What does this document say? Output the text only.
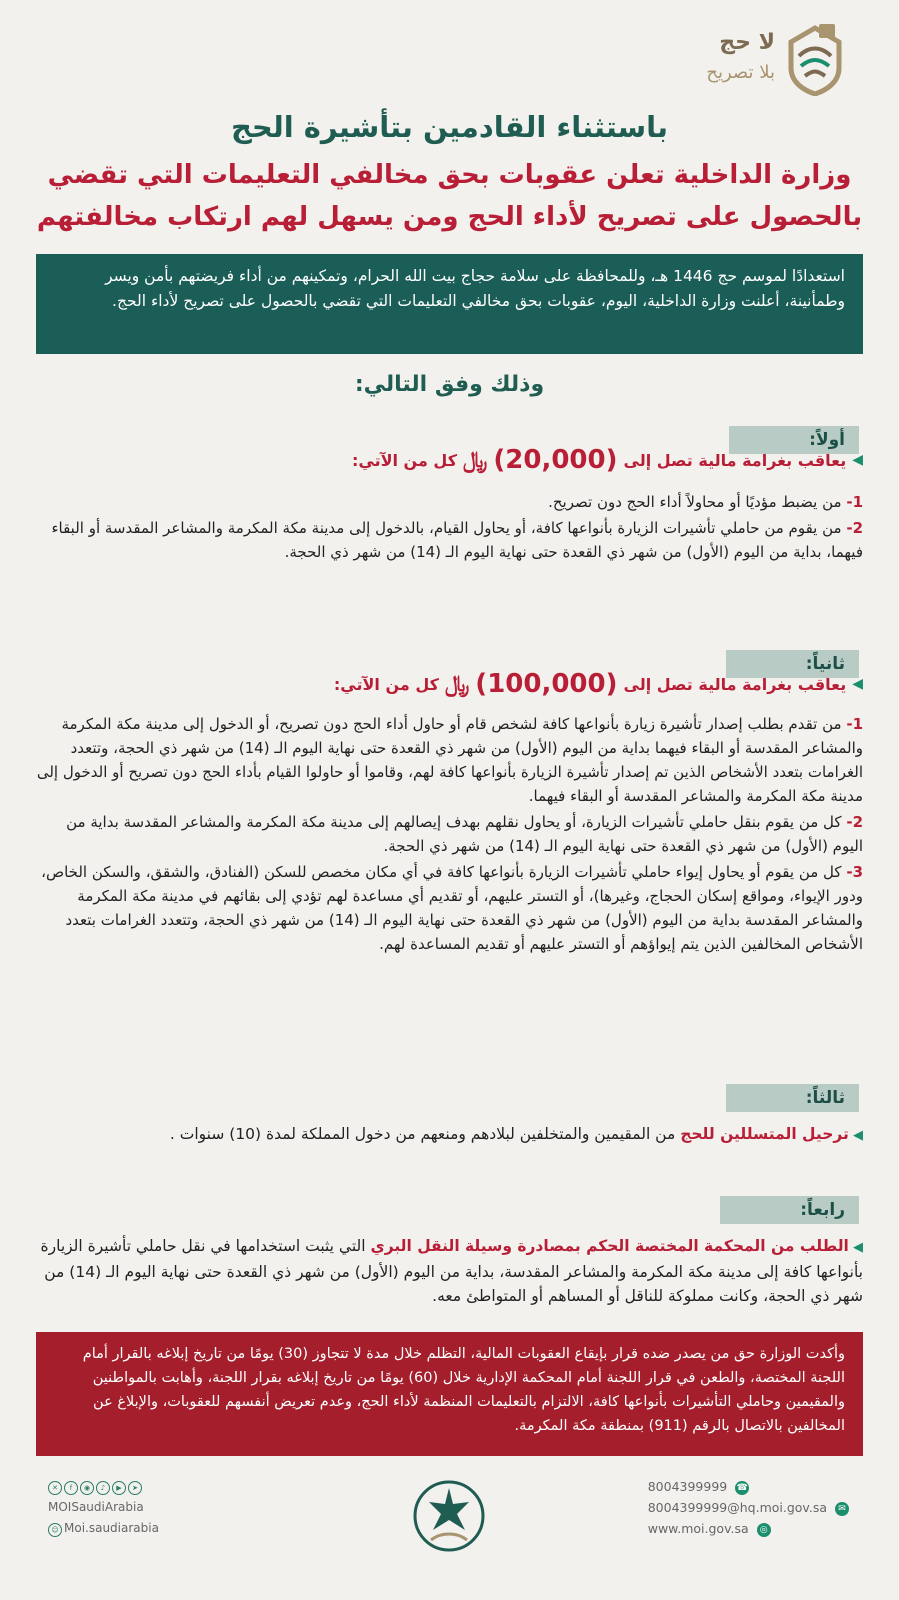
لا حج
بلا تصريح
باستثناء القادمين بتأشيرة الحج
وزارة الداخلية تعلن عقوبات بحق مخالفي التعليمات التي تقضي بالحصول على تصريح لأداء الحج ومن يسهل لهم ارتكاب مخالفتهم
استعدادًا لموسم حج 1446 هـ، وللمحافظة على سلامة حجاج بيت الله الحرام، وتمكينهم من أداء فريضتهم بأمن ويسر وطمأنينة، أعلنت وزارة الداخلية، اليوم، عقوبات بحق مخالفي التعليمات التي تقضي بالحصول على تصريح لأداء الحج.
وذلك وفق التالي:
أولاً:
◀
يعاقب بغرامة مالية تصل إلى
(20,000)
﷼
كل من الآتي:

1- من يضبط مؤديًا أو محاولاً أداء الحج دون تصريح.

2- من يقوم من حاملي تأشيرات الزيارة بأنواعها كافة، أو يحاول القيام، بالدخول إلى مدينة مكة المكرمة والمشاعر المقدسة أو البقاء فيهما، بداية من اليوم (الأول) من شهر ذي القعدة حتى نهاية اليوم الـ (14) من شهر ذي الحجة.

ثانياً:
◀
يعاقب بغرامة مالية تصل إلى
(100,000)
﷼
كل من الآتي:

1- من تقدم بطلب إصدار تأشيرة زيارة بأنواعها كافة لشخص قام أو حاول أداء الحج دون تصريح، أو الدخول إلى مدينة مكة المكرمة والمشاعر المقدسة أو البقاء فيهما بداية من اليوم (الأول) من شهر ذي القعدة حتى نهاية اليوم الـ (14) من شهر ذي الحجة، وتتعدد الغرامات بتعدد الأشخاص الذين تم إصدار تأشيرة الزيارة بأنواعها كافة لهم، وقاموا أو حاولوا القيام بأداء الحج دون تصريح أو الدخول إلى مدينة مكة المكرمة والمشاعر المقدسة أو البقاء فيهما.

2- كل من يقوم بنقل حاملي تأشيرات الزيارة، أو يحاول نقلهم بهدف إيصالهم إلى مدينة مكة المكرمة والمشاعر المقدسة بداية من اليوم (الأول) من شهر ذي القعدة حتى نهاية اليوم الـ (14) من شهر ذي الحجة.

3- كل من يقوم أو يحاول إيواء حاملي تأشيرات الزيارة بأنواعها كافة في أي مكان مخصص للسكن (الفنادق، والشقق، والسكن الخاص، ودور الإيواء، ومواقع إسكان الحجاج، وغيرها)، أو التستر عليهم، أو تقديم أي مساعدة لهم تؤدي إلى بقائهم في مدينة مكة المكرمة والمشاعر المقدسة بداية من اليوم (الأول) من شهر ذي القعدة حتى نهاية اليوم الـ (14) من شهر ذي الحجة، وتتعدد الغرامات بتعدد الأشخاص المخالفين الذين يتم إيواؤهم أو التستر عليهم أو تقديم المساعدة لهم.

ثالثاً:
◀ ترحيل المتسللين للحج من المقيمين والمتخلفين لبلادهم ومنعهم من دخول المملكة لمدة (10) سنوات .
رابعاً:
◀ الطلب من المحكمة المختصة الحكم بمصادرة وسيلة النقل البري التي يثبت استخدامها في نقل حاملي تأشيرة الزيارة بأنواعها كافة إلى مدينة مكة المكرمة والمشاعر المقدسة، بداية من اليوم (الأول) من شهر ذي القعدة حتى نهاية اليوم الـ (14) من شهر ذي الحجة، وكانت مملوكة للناقل أو المساهم أو المتواطئ معه.
وأكدت الوزارة حق من يصدر ضده قرار بإيقاع العقوبات المالية، التظلم خلال مدة لا تتجاوز (30) يومًا من تاريخ إبلاغه بالقرار أمام اللجنة المختصة، والطعن في قرار اللجنة أمام المحكمة الإدارية خلال (60) يومًا من تاريخ إبلاغه بقرار اللجنة، وأهابت بالمواطنين والمقيمين وحاملي التأشيرات بأنواعها كافة، الالتزام بالتعليمات المنظمة لأداء الحج، وعدم تعريض أنفسهم للعقوبات، والإبلاغ عن المخالفين بالاتصال بالرقم (911) بمنطقة مكة المكرمة.
8004399999 ☎
8004399999@hq.moi.gov.sa ✉
www.moi.gov.sa ◎
✕ f ◉ ♪ ▶ ➤
MOISaudiArabia
☺ Moi.saudiarabia
